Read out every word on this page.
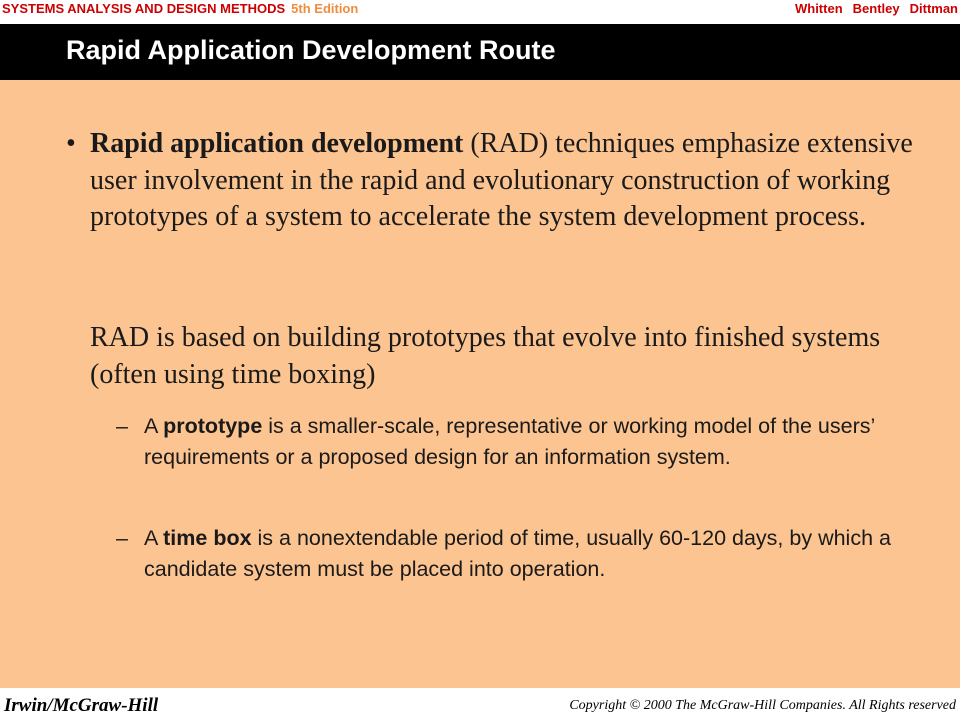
SYSTEMS ANALYSIS AND DESIGN METHODS 5th Edition	Whitten Bentley Dittman
Rapid Application Development Route
• Rapid application development (RAD) techniques emphasize extensive user involvement in the rapid and evolutionary construction of working prototypes of a system to accelerate the system development process.
RAD is based on building prototypes that evolve into finished systems (often using time boxing)
– A prototype is a smaller-scale, representative or working model of the users’ requirements or a proposed design for an information system.
– A time box is a nonextendable period of time, usually 60-120 days, by which a candidate system must be placed into operation.
Irwin/McGraw-Hill	Copyright © 2000 The McGraw-Hill Companies. All Rights reserved
